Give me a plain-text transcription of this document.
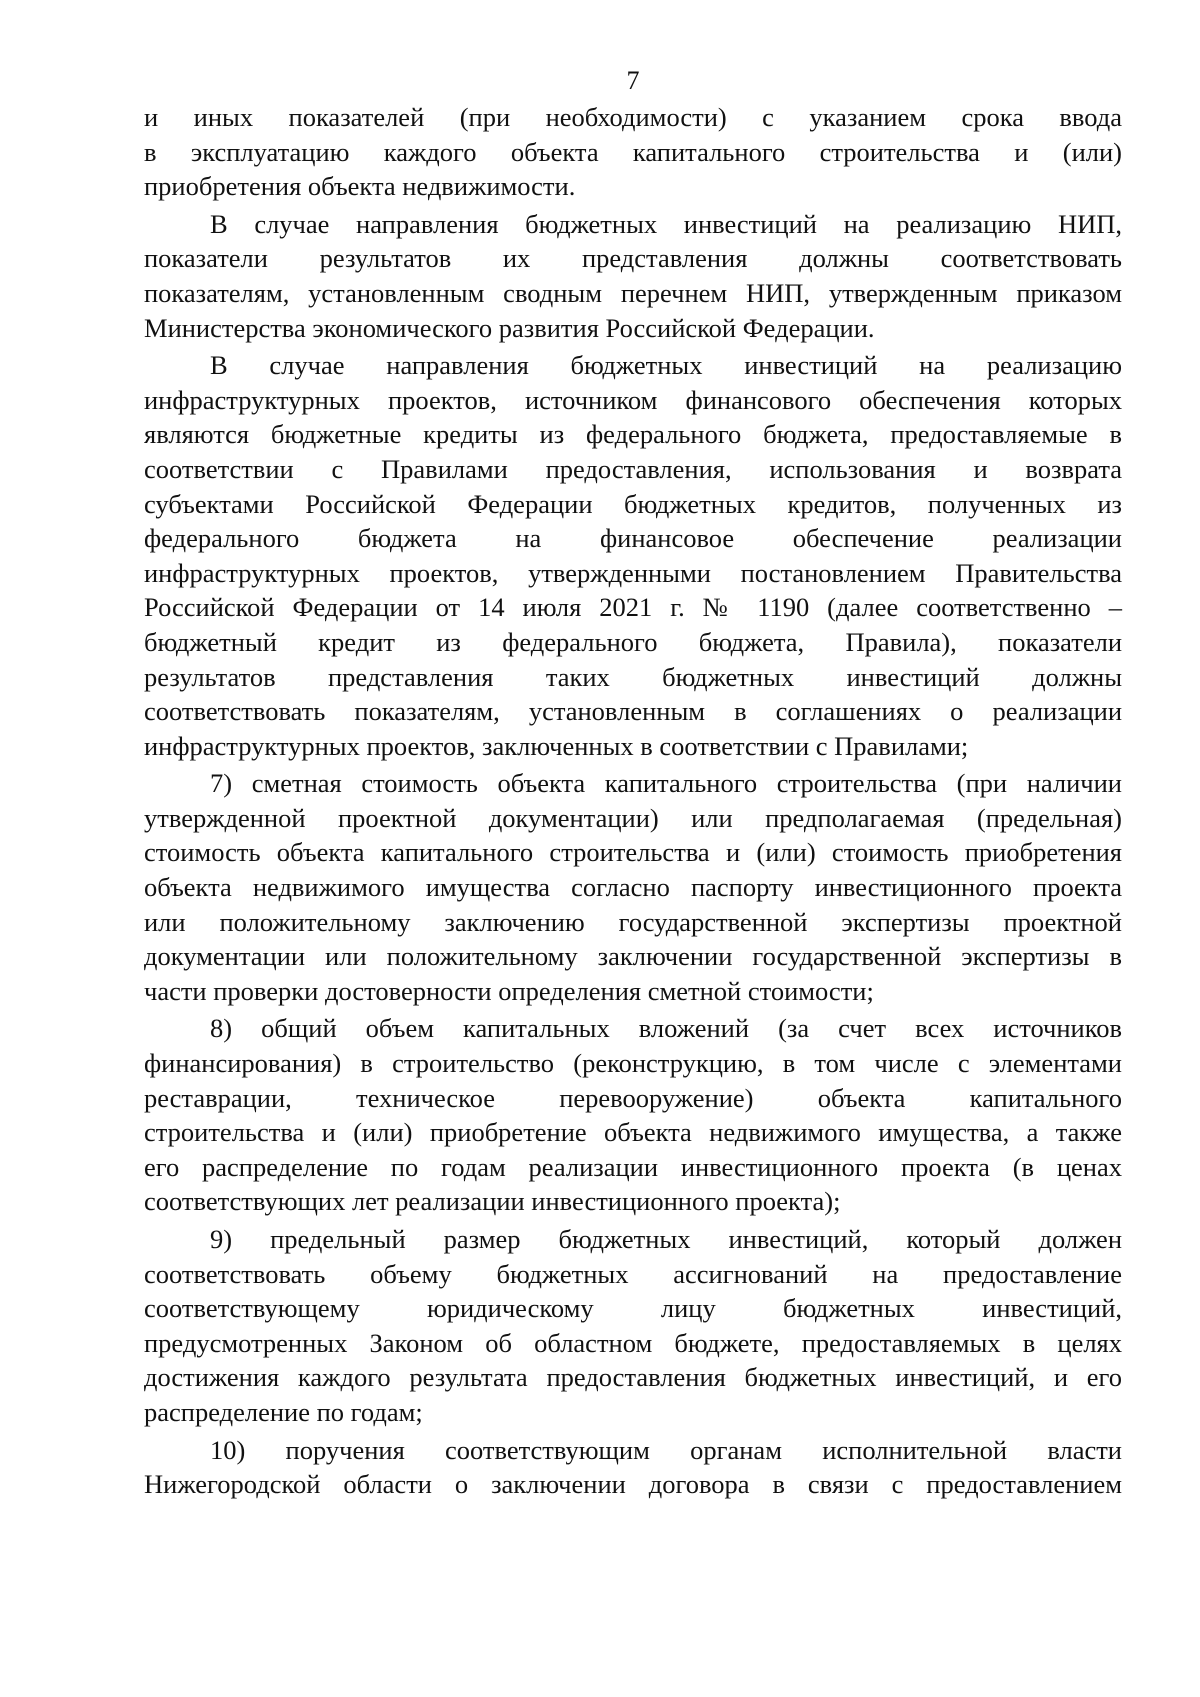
7
и иных показателей (при необходимости) с указанием срока ввода
в эксплуатацию каждого объекта капитального строительства и (или)
приобретения объекта недвижимости.
В случае направления бюджетных инвестиций на реализацию НИП,
показатели результатов их представления должны соответствовать
показателям, установленным сводным перечнем НИП, утвержденным приказом
Министерства экономического развития Российской Федерации.
В случае направления бюджетных инвестиций на реализацию
инфраструктурных проектов, источником финансового обеспечения которых
являются бюджетные кредиты из федерального бюджета, предоставляемые в
соответствии с Правилами предоставления, использования и возврата
субъектами Российской Федерации бюджетных кредитов, полученных из
федерального бюджета на финансовое обеспечение реализации
инфраструктурных проектов, утвержденными постановлением Правительства
Российской Федерации от 14 июля 2021 г. № 1190 (далее соответственно –
бюджетный кредит из федерального бюджета, Правила), показатели
результатов представления таких бюджетных инвестиций должны
соответствовать показателям, установленным в соглашениях о реализации
инфраструктурных проектов, заключенных в соответствии с Правилами;
7) сметная стоимость объекта капитального строительства (при наличии
утвержденной проектной документации) или предполагаемая (предельная)
стоимость объекта капитального строительства и (или) стоимость приобретения
объекта недвижимого имущества согласно паспорту инвестиционного проекта
или положительному заключению государственной экспертизы проектной
документации или положительному заключении государственной экспертизы в
части проверки достоверности определения сметной стоимости;
8) общий объем капитальных вложений (за счет всех источников
финансирования) в строительство (реконструкцию, в том числе с элементами
реставрации, техническое перевооружение) объекта капитального
строительства и (или) приобретение объекта недвижимого имущества, а также
его распределение по годам реализации инвестиционного проекта (в ценах
соответствующих лет реализации инвестиционного проекта);
9) предельный размер бюджетных инвестиций, который должен
соответствовать объему бюджетных ассигнований на предоставление
соответствующему юридическому лицу бюджетных инвестиций,
предусмотренных Законом об областном бюджете, предоставляемых в целях
достижения каждого результата предоставления бюджетных инвестиций, и его
распределение по годам;
10) поручения соответствующим органам исполнительной власти
Нижегородской области о заключении договора в связи с предоставлением
